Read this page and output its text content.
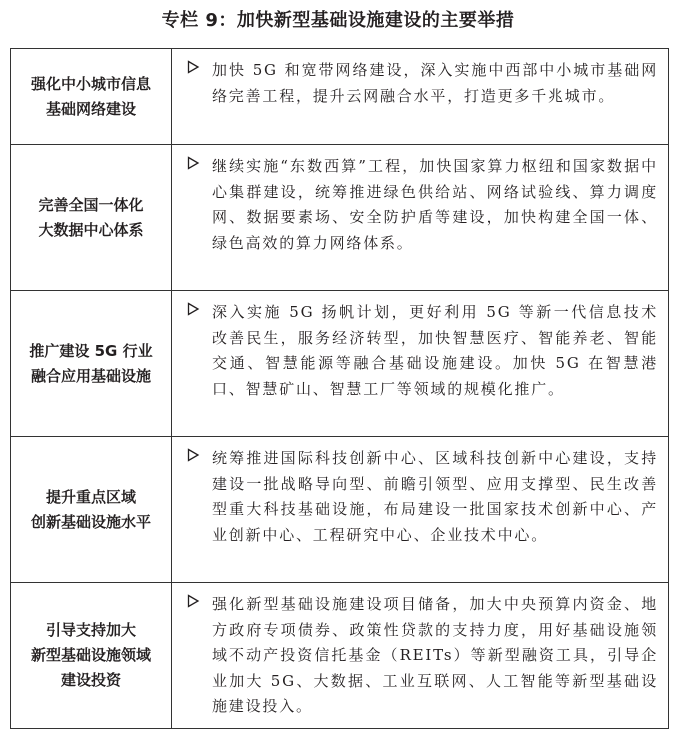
专栏 9：加快新型基础设施建设的主要举措
强化中小城市信息
基础网络建设	加快 5G 和宽带网络建设，深入实施中西部中小城市基础网络完善工程，提升云网融合水平，打造更多千兆城市。

完善全国一体化
大数据中心体系	继续实施“东数西算”工程，加快国家算力枢纽和国家数据中心集群建设，统筹推进绿色供给站、网络试验线、算力调度网、数据要素场、安全防护盾等建设，加快构建全国一体、绿色高效的算力网络体系。

推广建设 5G 行业
融合应用基础设施	深入实施 5G 扬帆计划，更好利用 5G 等新一代信息技术改善民生，服务经济转型，加快智慧医疗、智能养老、智能交通、智慧能源等融合基础设施建设。加快 5G 在智慧港口、智慧矿山、智慧工厂等领域的规模化推广。

提升重点区域
创新基础设施水平	统筹推进国际科技创新中心、区域科技创新中心建设，支持建设一批战略导向型、前瞻引领型、应用支撑型、民生改善型重大科技基础设施，布局建设一批国家技术创新中心、产业创新中心、工程研究中心、企业技术中心。

引导支持加大
新型基础设施领域
建设投资	强化新型基础设施建设项目储备，加大中央预算内资金、地方政府专项债券、政策性贷款的支持力度，用好基础设施领域不动产投资信托基金（REITs）等新型融资工具，引导企业加大 5G、大数据、工业互联网、人工智能等新型基础设施建设投入。
